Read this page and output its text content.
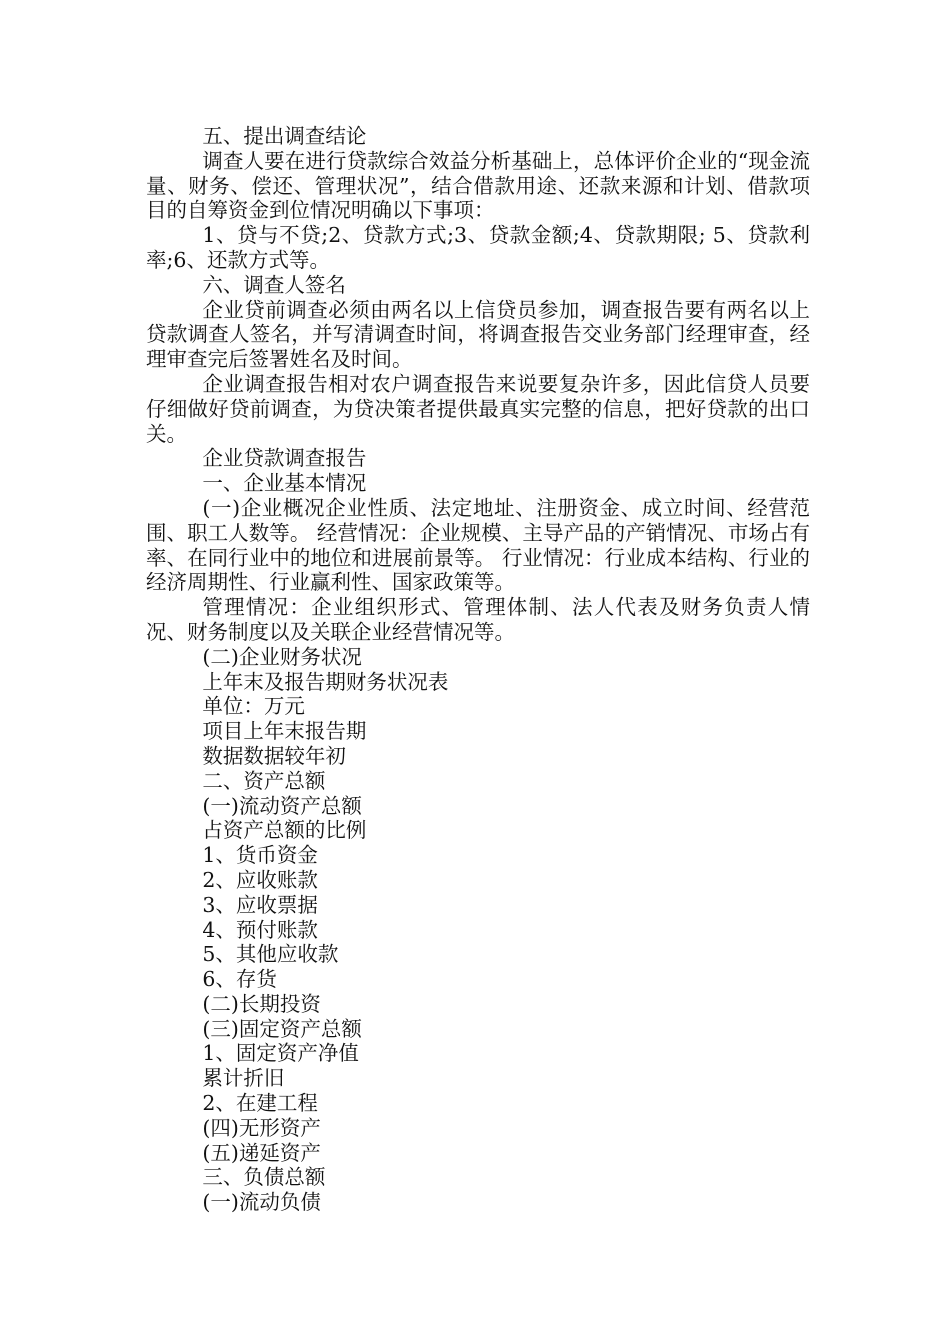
五、提出调查结论

调查人要在进行贷款综合效益分析基础上，总体评价企业的“现金流量、财务、偿还、管理状况”，结合借款用途、还款来源和计划、借款项目的自筹资金到位情况明确以下事项：

1、贷与不贷;2、贷款方式;3、贷款金额;4、贷款期限; 5、贷款利率;6、还款方式等。

六、调查人签名

企业贷前调查必须由两名以上信贷员参加，调查报告要有两名以上贷款调查人签名，并写清调查时间，将调查报告交业务部门经理审查，经理审查完后签署姓名及时间。

企业调查报告相对农户调查报告来说要复杂许多，因此信贷人员要仔细做好贷前调查，为贷决策者提供最真实完整的信息，把好贷款的出口关。

企业贷款调查报告

一、企业基本情况

(一)企业概况企业性质、法定地址、注册资金、成立时间、经营范围、职工人数等。 经营情况：企业规模、主导产品的产销情况、市场占有率、在同行业中的地位和进展前景等。 行业情况：行业成本结构、行业的经济周期性、行业赢利性、国家政策等。

管理情况：企业组织形式、管理体制、法人代表及财务负责人情况、财务制度以及关联企业经营情况等。

(二)企业财务状况

上年末及报告期财务状况表

单位：万元

项目上年末报告期

数据数据较年初

二、资产总额

(一)流动资产总额

占资产总额的比例

1、货币资金

2、应收账款

3、应收票据

4、预付账款

5、其他应收款

6、存货

(二)长期投资

(三)固定资产总额

1、固定资产净值

累计折旧

2、在建工程

(四)无形资产

(五)递延资产

三、负债总额

(一)流动负债
